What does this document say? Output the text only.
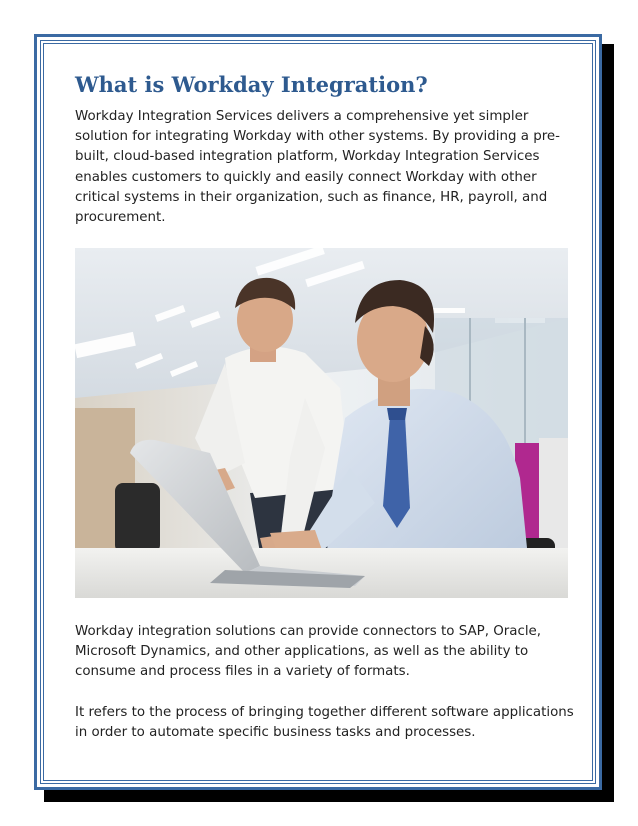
What is Workday Integration?

Workday Integration Services delivers a comprehensive yet simpler solution for integrating Workday with other systems. By providing a pre-built, cloud-based integration platform, Workday Integration Services enables customers to quickly and easily connect Workday with other critical systems in their organization, such as finance, HR, payroll, and procurement.

Workday integration solutions can provide connectors to SAP, Oracle, Microsoft Dynamics, and other applications, as well as the ability to consume and process files in a variety of formats.

It refers to the process of bringing together different software applications in order to automate specific business tasks and processes.
